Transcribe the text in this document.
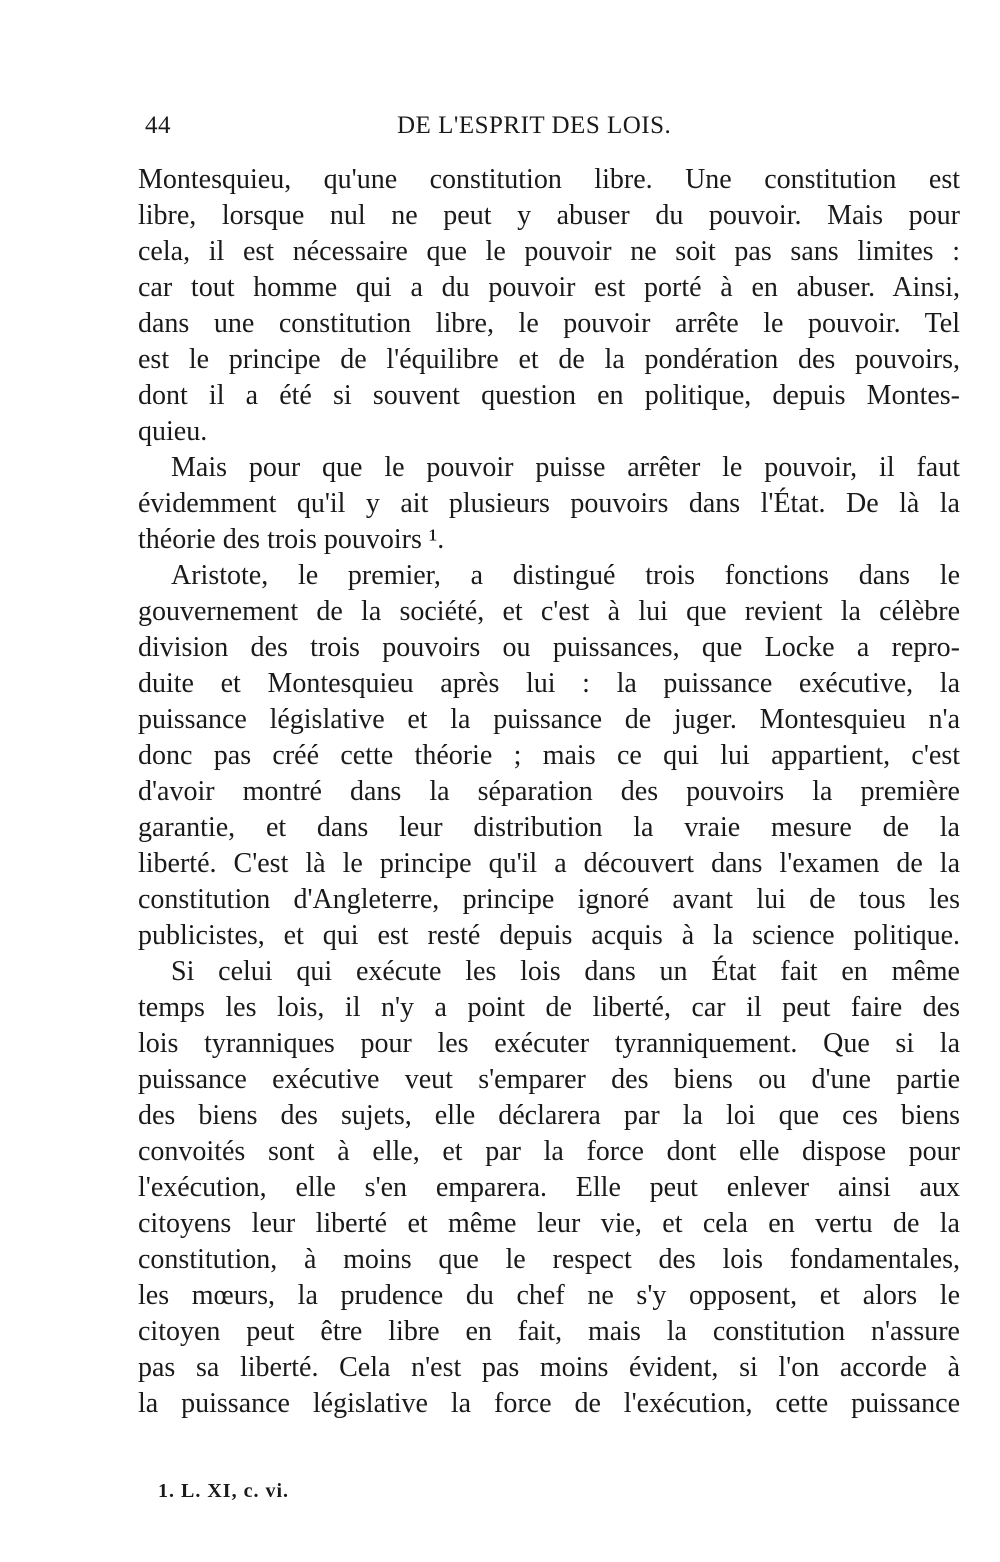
44	DE L'ESPRIT DES LOIS.
Montesquieu, qu'une constitution libre. Une constitution est
libre, lorsque nul ne peut y abuser du pouvoir. Mais pour
cela, il est nécessaire que le pouvoir ne soit pas sans limites :
car tout homme qui a du pouvoir est porté à en abuser. Ainsi,
dans une constitution libre, le pouvoir arrête le pouvoir. Tel
est le principe de l'équilibre et de la pondération des pouvoirs,
dont il a été si souvent question en politique, depuis Montes-
quieu.
Mais pour que le pouvoir puisse arrêter le pouvoir, il faut
évidemment qu'il y ait plusieurs pouvoirs dans l'État. De là la
théorie des trois pouvoirs ¹.
Aristote, le premier, a distingué trois fonctions dans le
gouvernement de la société, et c'est à lui que revient la célèbre
division des trois pouvoirs ou puissances, que Locke a repro-
duite et Montesquieu après lui : la puissance exécutive, la
puissance législative et la puissance de juger. Montesquieu n'a
donc pas créé cette théorie ; mais ce qui lui appartient, c'est
d'avoir montré dans la séparation des pouvoirs la première
garantie, et dans leur distribution la vraie mesure de la
liberté. C'est là le principe qu'il a découvert dans l'examen de la
constitution d'Angleterre, principe ignoré avant lui de tous les
publicistes, et qui est resté depuis acquis à la science politique.
Si celui qui exécute les lois dans un État fait en même
temps les lois, il n'y a point de liberté, car il peut faire des
lois tyranniques pour les exécuter tyranniquement. Que si la
puissance exécutive veut s'emparer des biens ou d'une partie
des biens des sujets, elle déclarera par la loi que ces biens
convoités sont à elle, et par la force dont elle dispose pour
l'exécution, elle s'en emparera. Elle peut enlever ainsi aux
citoyens leur liberté et même leur vie, et cela en vertu de la
constitution, à moins que le respect des lois fondamentales,
les mœurs, la prudence du chef ne s'y opposent, et alors le
citoyen peut être libre en fait, mais la constitution n'assure
pas sa liberté. Cela n'est pas moins évident, si l'on accorde à
la puissance législative la force de l'exécution, cette puissance
1. L. XI, c. vi.
